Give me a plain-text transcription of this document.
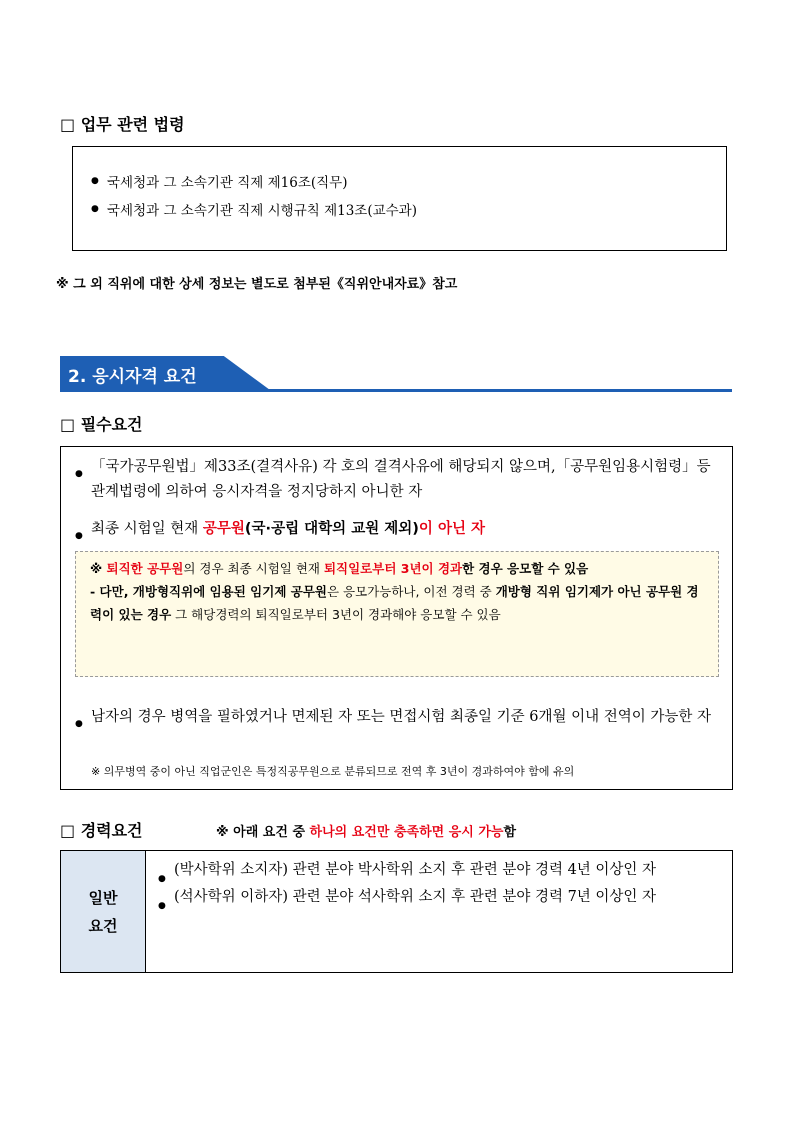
□ 업무 관련 법령
● 국세청과 그 소속기관 직제 제16조(직무)
● 국세청과 그 소속기관 직제 시행규칙 제13조(교수과)
※ 그 외 직위에 대한 상세 정보는 별도로 첨부된《직위안내자료》참고
2. 응시자격 요건
□ 필수요건
● 「국가공무원법」제33조(결격사유) 각 호의 결격사유에 해당되지 않으며,「공무원임용시험령」등 관계법령에 의하여 응시자격을 정지당하지 아니한 자
● 최종 시험일 현재 공무원(국·공립 대학의 교원 제외)이 아닌 자
※ 퇴직한 공무원의 경우 최종 시험일 현재 퇴직일로부터 3년이 경과한 경우 응모할 수 있음
- 다만, 개방형직위에 임용된 임기제 공무원은 응모가능하나, 이전 경력 중 개방형 직위 임기제가 아닌 공무원 경력이 있는 경우 그 해당경력의 퇴직일로부터 3년이 경과해야 응모할 수 있음
● 남자의 경우 병역을 필하였거나 면제된 자 또는 면접시험 최종일 기준 6개월 이내 전역이 가능한 자
※ 의무병역 중이 아닌 직업군인은 특정직공무원으로 분류되므로 전역 후 3년이 경과하여야 함에 유의
□ 경력요건	※ 아래 요건 중 하나의 요건만 충족하면 응시 가능함
일반
요건
● (박사학위 소지자) 관련 분야 박사학위 소지 후 관련 분야 경력 4년 이상인 자
● (석사학위 이하자) 관련 분야 석사학위 소지 후 관련 분야 경력 7년 이상인 자
